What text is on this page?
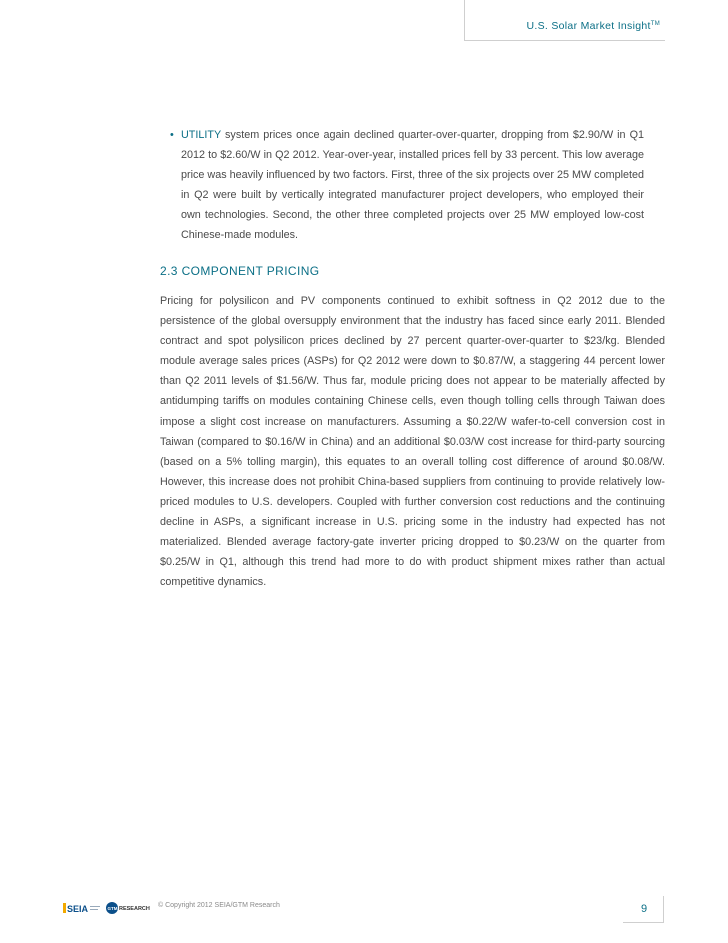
U.S. Solar Market Insight™
• UTILITY system prices once again declined quarter-over-quarter, dropping from $2.90/W in Q1 2012 to $2.60/W in Q2 2012. Year-over-year, installed prices fell by 33 percent. This low average price was heavily influenced by two factors. First, three of the six projects over 25 MW completed in Q2 were built by vertically integrated manufacturer project developers, who employed their own technologies. Second, the other three completed projects over 25 MW employed low-cost Chinese-made modules.
2.3 COMPONENT PRICING
Pricing for polysilicon and PV components continued to exhibit softness in Q2 2012 due to the persistence of the global oversupply environment that the industry has faced since early 2011. Blended contract and spot polysilicon prices declined by 27 percent quarter-over-quarter to $23/kg. Blended module average sales prices (ASPs) for Q2 2012 were down to $0.87/W, a staggering 44 percent lower than Q2 2011 levels of $1.56/W. Thus far, module pricing does not appear to be materially affected by antidumping tariffs on modules containing Chinese cells, even though tolling cells through Taiwan does impose a slight cost increase on manufacturers. Assuming a $0.22/W wafer-to-cell conversion cost in Taiwan (compared to $0.16/W in China) and an additional $0.03/W cost increase for third-party sourcing (based on a 5% tolling margin), this equates to an overall tolling cost difference of around $0.08/W. However, this increase does not prohibit China-based suppliers from continuing to provide relatively low-priced modules to U.S. developers. Coupled with further conversion cost reductions and the continuing decline in ASPs, a significant increase in U.S. pricing some in the industry had expected has not materialized. Blended average factory-gate inverter pricing dropped to $0.23/W on the quarter from $0.25/W in Q1, although this trend had more to do with product shipment mixes rather than actual competitive dynamics.
SEIA	GTM RESEARCH © Copyright 2012 SEIA/GTM Research	9
